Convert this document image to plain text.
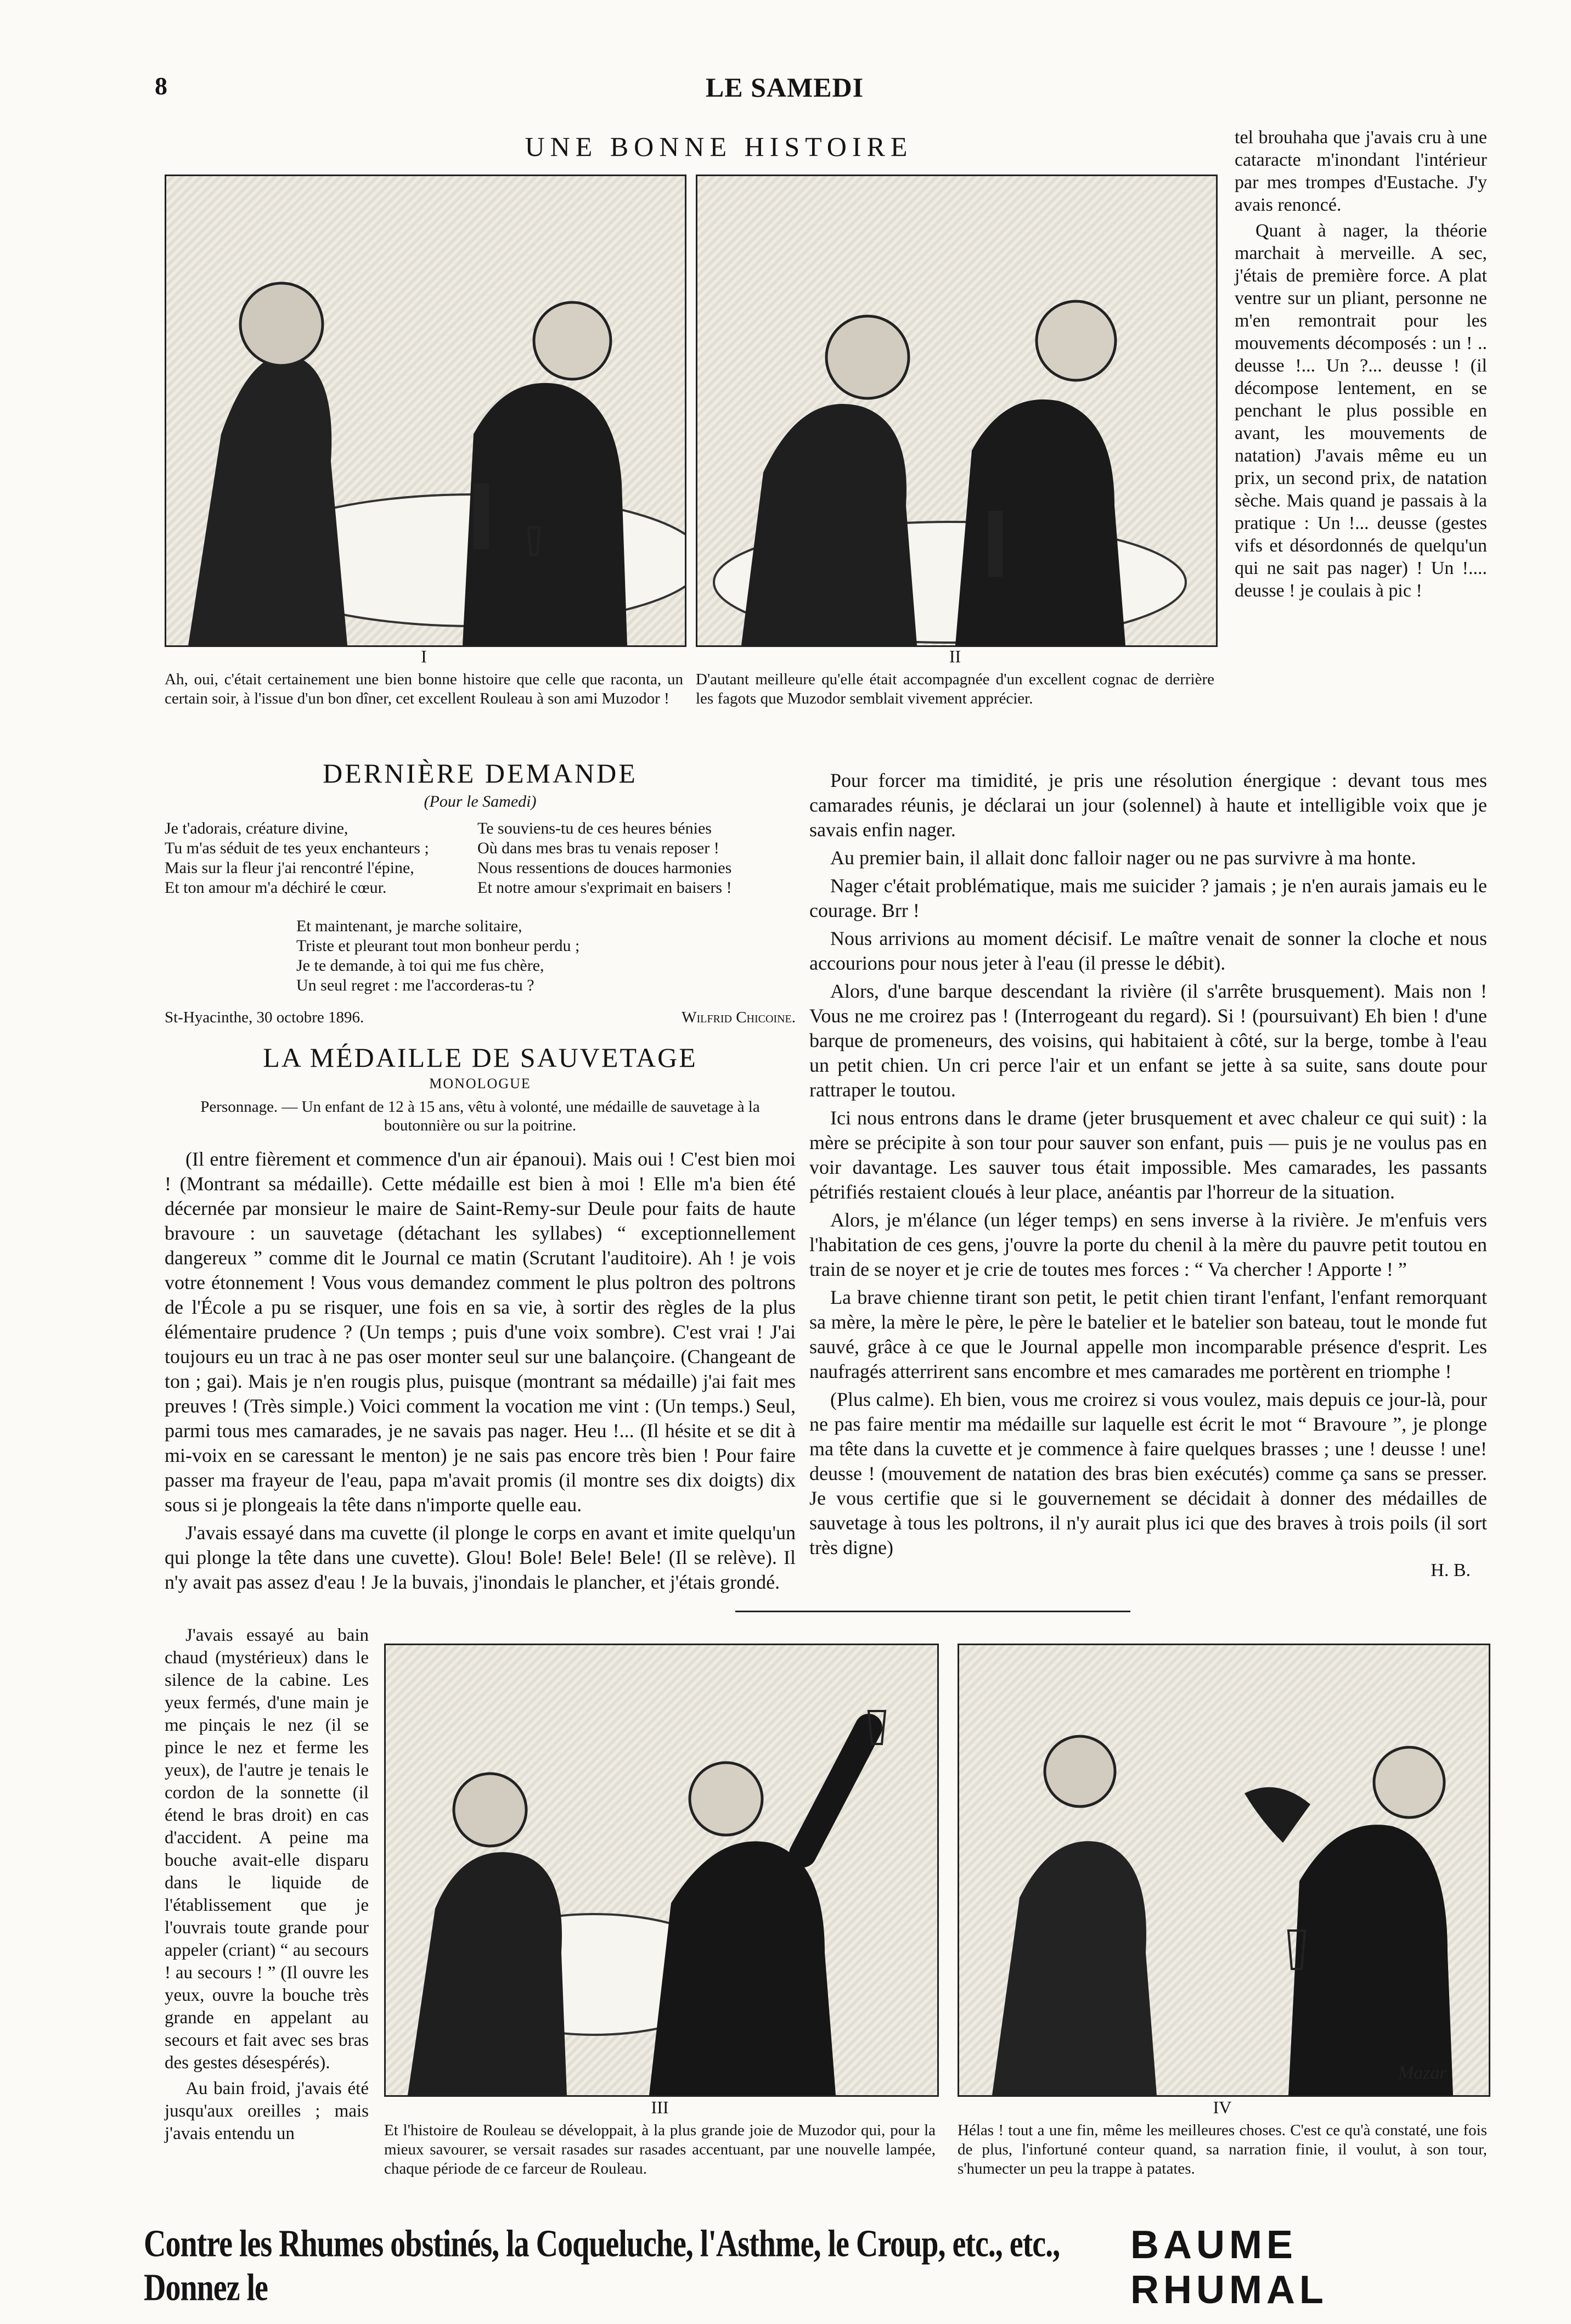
8	LE SAMEDI
UNE BONNE HISTOIRE
I

Ah, oui, c'était certainement une bien bonne histoire que celle que raconta, un certain soir, à l'issue d'un bon dîner, cet excellent Rouleau à son ami Muzodor !

II

D'autant meilleure qu'elle était accompagnée d'un excellent cognac de derrière les fagots que Muzodor semblait vivement apprécier.

tel brouhaha que j'avais cru à une cataracte m'inondant l'intérieur par mes trompes d'Eustache. J'y avais renoncé.

Quant à nager, la théorie marchait à merveille. A sec, j'étais de première force. A plat ventre sur un pliant, personne ne m'en remontrait pour les mouvements décomposés : un ! .. deusse !... Un ?... deusse ! (il décompose lentement, en se penchant le plus possible en avant, les mouvements de natation) J'avais même eu un prix, un second prix, de natation sèche. Mais quand je passais à la pratique : Un !... deusse (gestes vifs et désordonnés de quelqu'un qui ne sait pas nager) ! Un !.... deusse ! je coulais à pic !

DERNIÈRE DEMANDE
(Pour le Samedi)
Je t'adorais, créature divine,
Tu m'as séduit de tes yeux enchanteurs ;
Mais sur la fleur j'ai rencontré l'épine,
Et ton amour m'a déchiré le cœur.
Te souviens-tu de ces heures bénies
Où dans mes bras tu venais reposer !
Nous ressentions de douces harmonies
Et notre amour s'exprimait en baisers !
Et maintenant, je marche solitaire,
Triste et pleurant tout mon bonheur perdu ;
Je te demande, à toi qui me fus chère,
Un seul regret : me l'accorderas-tu ?
St-Hyacinthe, 30 octobre 1896.	Wilfrid Chicoine.
LA MÉDAILLE DE SAUVETAGE
MONOLOGUE

Personnage. — Un enfant de 12 à 15 ans, vêtu à volonté, une médaille de sauvetage à la boutonnière ou sur la poitrine.

(Il entre fièrement et commence d'un air épanoui). Mais oui ! C'est bien moi ! (Montrant sa médaille). Cette médaille est bien à moi ! Elle m'a bien été décernée par monsieur le maire de Saint-Remy-sur Deule pour faits de haute bravoure : un sauvetage (détachant les syllabes) “ exceptionnellement dangereux ” comme dit le Journal ce matin (Scrutant l'auditoire). Ah ! je vois votre étonnement ! Vous vous demandez comment le plus poltron des poltrons de l'École a pu se risquer, une fois en sa vie, à sortir des règles de la plus élémentaire prudence ? (Un temps ; puis d'une voix sombre). C'est vrai ! J'ai toujours eu un trac à ne pas oser monter seul sur une balançoire. (Changeant de ton ; gai). Mais je n'en rougis plus, puisque (montrant sa médaille) j'ai fait mes preuves ! (Très simple.) Voici comment la vocation me vint : (Un temps.) Seul, parmi tous mes camarades, je ne savais pas nager. Heu !... (Il hésite et se dit à mi-voix en se caressant le menton) je ne sais pas encore très bien ! Pour faire passer ma frayeur de l'eau, papa m'avait promis (il montre ses dix doigts) dix sous si je plongeais la tête dans n'importe quelle eau.

J'avais essayé dans ma cuvette (il plonge le corps en avant et imite quelqu'un qui plonge la tête dans une cuvette). Glou! Bole! Bele! Bele! (Il se relève). Il n'y avait pas assez d'eau ! Je la buvais, j'inondais le plancher, et j'étais grondé.

J'avais essayé au bain chaud (mystérieux) dans le silence de la cabine. Les yeux fermés, d'une main je me pinçais le nez (il se pince le nez et ferme les yeux), de l'autre je tenais le cordon de la sonnette (il étend le bras droit) en cas d'accident. A peine ma bouche avait-elle disparu dans le liquide de l'établissement que je l'ouvrais toute grande pour appeler (criant) “ au secours ! au secours ! ” (Il ouvre les yeux, ouvre la bouche très grande en appelant au secours et fait avec ses bras des gestes désespérés).

Au bain froid, j'avais été jusqu'aux oreilles ; mais j'avais entendu un

Pour forcer ma timidité, je pris une résolution énergique : devant tous mes camarades réunis, je déclarai un jour (solennel) à haute et intelligible voix que je savais enfin nager.

Au premier bain, il allait donc falloir nager ou ne pas survivre à ma honte.

Nager c'était problématique, mais me suicider ? jamais ; je n'en aurais jamais eu le courage. Brr !

Nous arrivions au moment décisif. Le maître venait de sonner la cloche et nous accourions pour nous jeter à l'eau (il presse le débit).

Alors, d'une barque descendant la rivière (il s'arrête brusquement). Mais non ! Vous ne me croirez pas ! (Interrogeant du regard). Si ! (poursuivant) Eh bien ! d'une barque de promeneurs, des voisins, qui habitaient à côté, sur la berge, tombe à l'eau un petit chien. Un cri perce l'air et un enfant se jette à sa suite, sans doute pour rattraper le toutou.

Ici nous entrons dans le drame (jeter brusquement et avec chaleur ce qui suit) : la mère se précipite à son tour pour sauver son enfant, puis — puis je ne voulus pas en voir davantage. Les sauver tous était impossible. Mes camarades, les passants pétrifiés restaient cloués à leur place, anéantis par l'horreur de la situation.

Alors, je m'élance (un léger temps) en sens inverse à la rivière. Je m'enfuis vers l'habitation de ces gens, j'ouvre la porte du chenil à la mère du pauvre petit toutou en train de se noyer et je crie de toutes mes forces : “ Va chercher ! Apporte ! ”

La brave chienne tirant son petit, le petit chien tirant l'enfant, l'enfant remorquant sa mère, la mère le père, le père le batelier et le batelier son bateau, tout le monde fut sauvé, grâce à ce que le Journal appelle mon incomparable présence d'esprit. Les naufragés atterrirent sans encombre et mes camarades me portèrent en triomphe !

(Plus calme). Eh bien, vous me croirez si vous voulez, mais depuis ce jour-là, pour ne pas faire mentir ma médaille sur laquelle est écrit le mot “ Bravoure ”, je plonge ma tête dans la cuvette et je commence à faire quelques brasses ; une ! deusse ! une! deusse ! (mouvement de natation des bras bien exécutés) comme ça sans se presser. Je vous certifie que si le gouvernement se décidait à donner des médailles de sauvetage à tous les poltrons, il n'y aurait plus ici que des braves à trois poils (il sort très digne)

H. B.
Mazar
III

Et l'histoire de Rouleau se développait, à la plus grande joie de Muzodor qui, pour la mieux savourer, se versait rasades sur rasades accentuant, par une nouvelle lampée, chaque période de ce farceur de Rouleau.

IV

Hélas ! tout a une fin, même les meilleures choses. C'est ce qu'à constaté, une fois de plus, l'infortuné conteur quand, sa narration finie, il voulut, à son tour, s'humecter un peu la trappe à patates.

Contre les Rhumes obstinés, la Coqueluche, l'Asthme, le Croup, etc., etc., Donnez le
BAUME RHUMAL
